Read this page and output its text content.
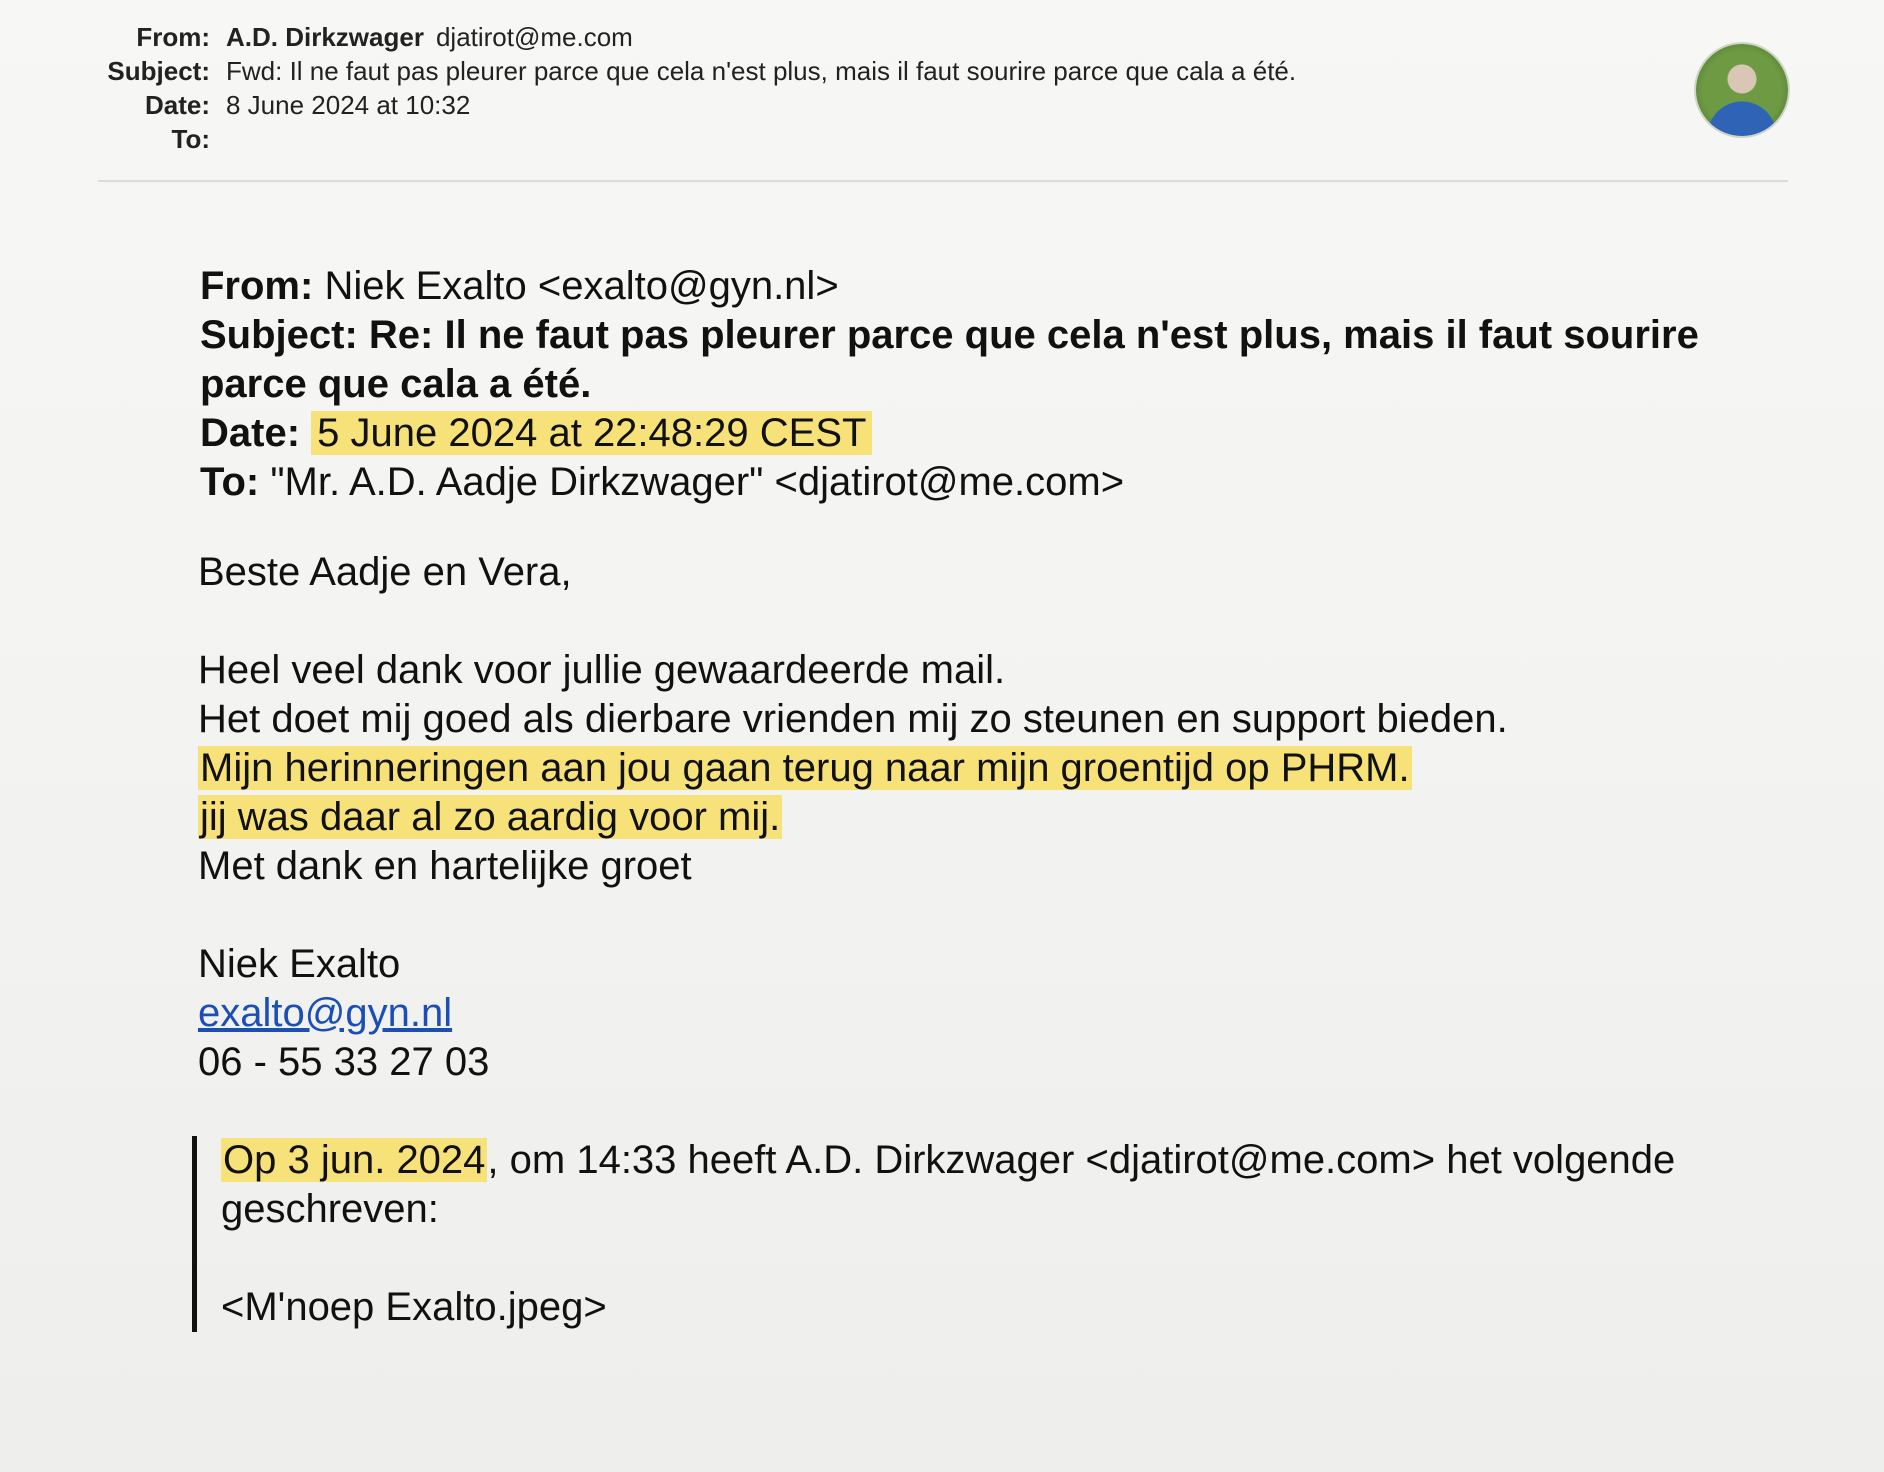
From: A.D. Dirkzwager djatirot@me.com
Subject: Fwd: Il ne faut pas pleurer parce que cela n'est plus, mais il faut sourire parce que cala a été.
Date: 8 June 2024 at 10:32
To:
From: Niek Exalto <exalto@gyn.nl>
Subject: Re: Il ne faut pas pleurer parce que cela n'est plus, mais il faut sourire parce que cala a été.
Date: 5 June 2024 at 22:48:29 CEST
To: "Mr. A.D. Aadje Dirkzwager" <djatirot@me.com>
Beste Aadje en Vera,
Heel veel dank voor jullie gewaardeerde mail.
Het doet mij goed als dierbare vrienden mij zo steunen en support bieden.
Mijn herinneringen aan jou gaan terug naar mijn groentijd op PHRM.
jij was daar al zo aardig voor mij.
Met dank en hartelijke groet
Niek Exalto
exalto@gyn.nl
06 - 55 33 27 03
Op 3 jun. 2024, om 14:33 heeft A.D. Dirkzwager <djatirot@me.com> het volgende geschreven:
<M'noep Exalto.jpeg>
